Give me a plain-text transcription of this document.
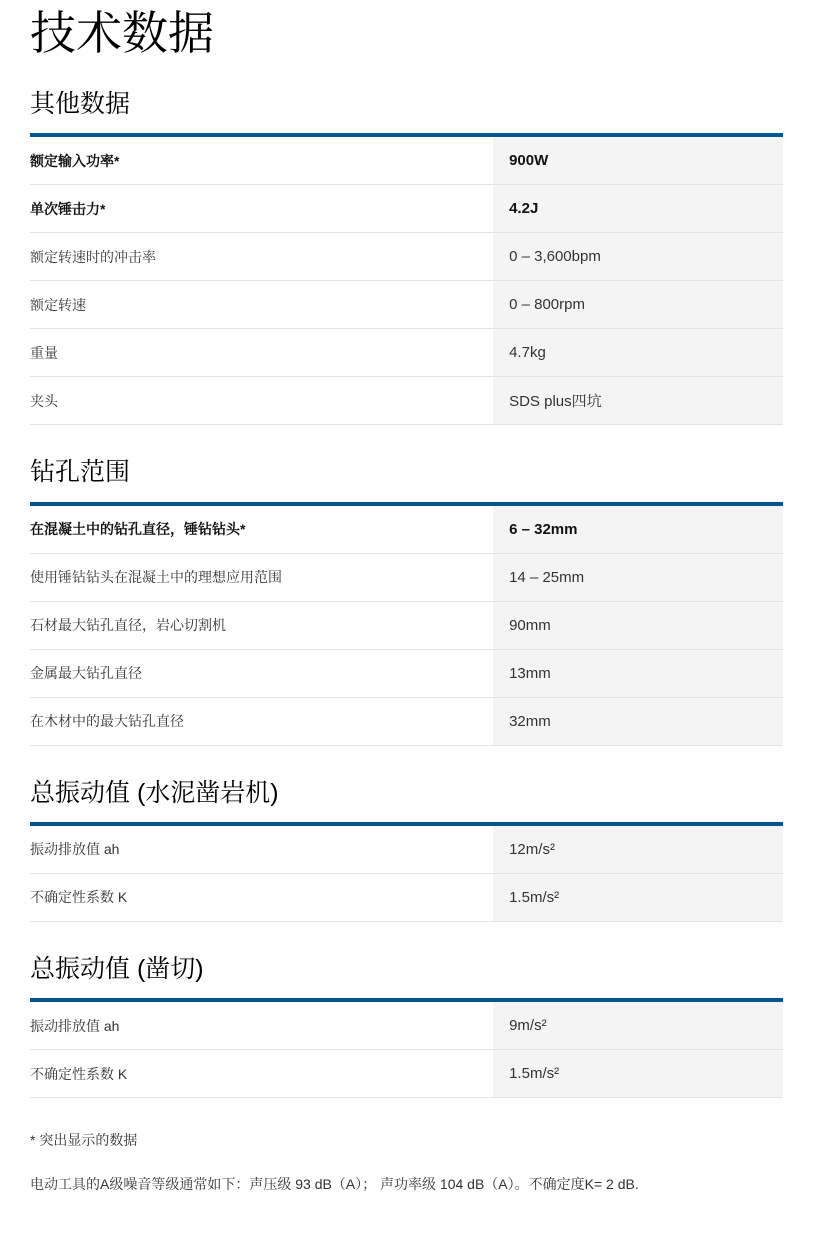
技术数据
其他数据
额定输入功率*	900W
单次锤击力*	4.2J
额定转速时的冲击率	0 – 3,600bpm
额定转速	0 – 800rpm
重量	4.7kg
夹头	SDS plus四坑
钻孔范围
在混凝土中的钻孔直径，锤钻钻头*	6 – 32mm
使用锤钻钻头在混凝土中的理想应用范围	14 – 25mm
石材最大钻孔直径，岩心切割机	90mm
金属最大钻孔直径	13mm
在木材中的最大钻孔直径	32mm
总振动值 (水泥凿岩机)
振动排放值 ah	12m/s²
不确定性系数 K	1.5m/s²
总振动值 (凿切)
振动排放值 ah	9m/s²
不确定性系数 K	1.5m/s²

* 突出显示的数据

电动工具的A级噪音等级通常如下：声压级 93 dB（A）； 声功率级 104 dB（A）。不确定度K= 2 dB.
